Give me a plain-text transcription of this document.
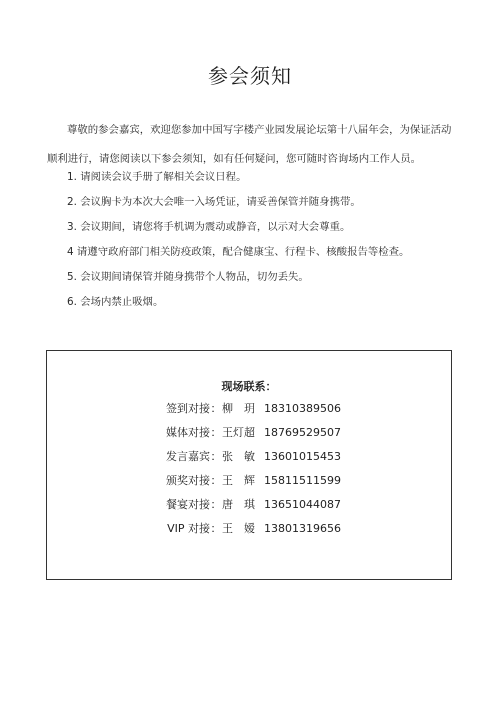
参会须知
尊敬的参会嘉宾，欢迎您参加中国写字楼产业园发展论坛第十八届年会，为保证活动顺利进行，请您阅读以下参会须知，如有任何疑问，您可随时咨询场内工作人员。
1. 请阅读会议手册了解相关会议日程。
2. 会议胸卡为本次大会唯一入场凭证，请妥善保管并随身携带。
3. 会议期间，请您将手机调为震动或静音，以示对大会尊重。
4 请遵守政府部门相关防疫政策，配合健康宝、行程卡、核酸报告等检查。
5. 会议期间请保管并随身携带个人物品，切勿丢失。
6. 会场内禁止吸烟。
现场联系：
签到对接 ： 柳　玥 18310389506
媒体对接 ： 王灯超 18769529507
发言嘉宾 ： 张　敏 13601015453
颁奖对接 ： 王　辉 15811511599
餐宴对接 ： 唐　琪 13651044087
VIP 对接 ： 王　嫒 13801319656
